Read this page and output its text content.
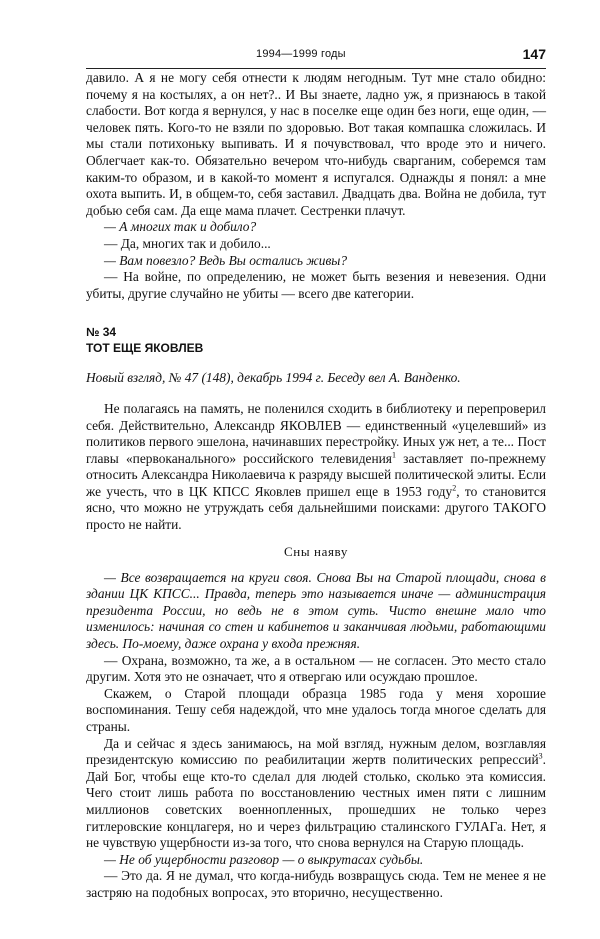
1994—1999 годы	147

давило. А я не могу себя отнести к людям негодным. Тут мне стало обидно: почему я на костылях, а он нет?.. И Вы знаете, ладно уж, я признаюсь в такой слабости. Вот когда я вернулся, у нас в поселке еще один без ноги, еще один, — человек пять. Кого-то не взяли по здоровью. Вот такая компашка сложилась. И мы стали потихоньку выпивать. И я почувствовал, что вроде это и ничего. Облегчает как-то. Обязательно вечером что-нибудь сварганим, соберемся там каким-то образом, и в какой-то момент я испугался. Однажды я понял: а мне охота выпить. И, в общем-то, себя заставил. Двадцать два. Война не добила, тут добью себя сам. Да еще мама плачет. Сестренки плачут.

— А многих так и добило?

— Да, многих так и добило...

— Вам повезло? Ведь Вы остались живы?

— На войне, по определению, не может быть везения и невезения. Одни убиты, другие случайно не убиты — всего две категории.

№ 34

ТОТ ЕЩЕ ЯКОВЛЕВ

Новый взгляд, № 47 (148), декабрь 1994 г. Беседу вел А. Ванденко.

Не полагаясь на память, не поленился сходить в библиотеку и перепроверил себя. Действительно, Александр ЯКОВЛЕВ — единственный «уцелевший» из политиков первого эшелона, начинавших перестройку. Иных уж нет, а те... Пост главы «первоканального» российского телевидения$^1$ заставляет по-прежнему относить Александра Николаевича к разряду высшей политической элиты. Если же учесть, что в ЦК КПСС Яковлев пришел еще в 1953 году$^2$, то становится ясно, что можно не утруждать себя дальнейшими поисками: другого ТАКОГО просто не найти.

Сны наяву

— Все возвращается на круги своя. Снова Вы на Старой площади, снова в здании ЦК КПСС... Правда, теперь это называется иначе — администрация президента России, но ведь не в этом суть. Чисто внешне мало что изменилось: начиная со стен и кабинетов и заканчивая людьми, работающими здесь. По-моему, даже охрана у входа прежняя.

— Охрана, возможно, та же, а в остальном — не согласен. Это место стало другим. Хотя это не означает, что я отвергаю или осуждаю прошлое.

Скажем, о Старой площади образца 1985 года у меня хорошие воспоминания. Тешу себя надеждой, что мне удалось тогда многое сделать для страны.

Да и сейчас я здесь занимаюсь, на мой взгляд, нужным делом, возглавляя президентскую комиссию по реабилитации жертв политических репрессий$^3$. Дай Бог, чтобы еще кто-то сделал для людей столько, сколько эта комиссия. Чего стоит лишь работа по восстановлению честных имен пяти с лишним миллионов советских военнопленных, прошедших не только через гитлеровские концлагеря, но и через фильтрацию сталинского ГУЛАГа. Нет, я не чувствую ущербности из-за того, что снова вернулся на Старую площадь.

— Не об ущербности разговор — о выкрутасах судьбы.

— Это да. Я не думал, что когда-нибудь возвращусь сюда. Тем не менее я не застряю на подобных вопросах, это вторично, несущественно.
